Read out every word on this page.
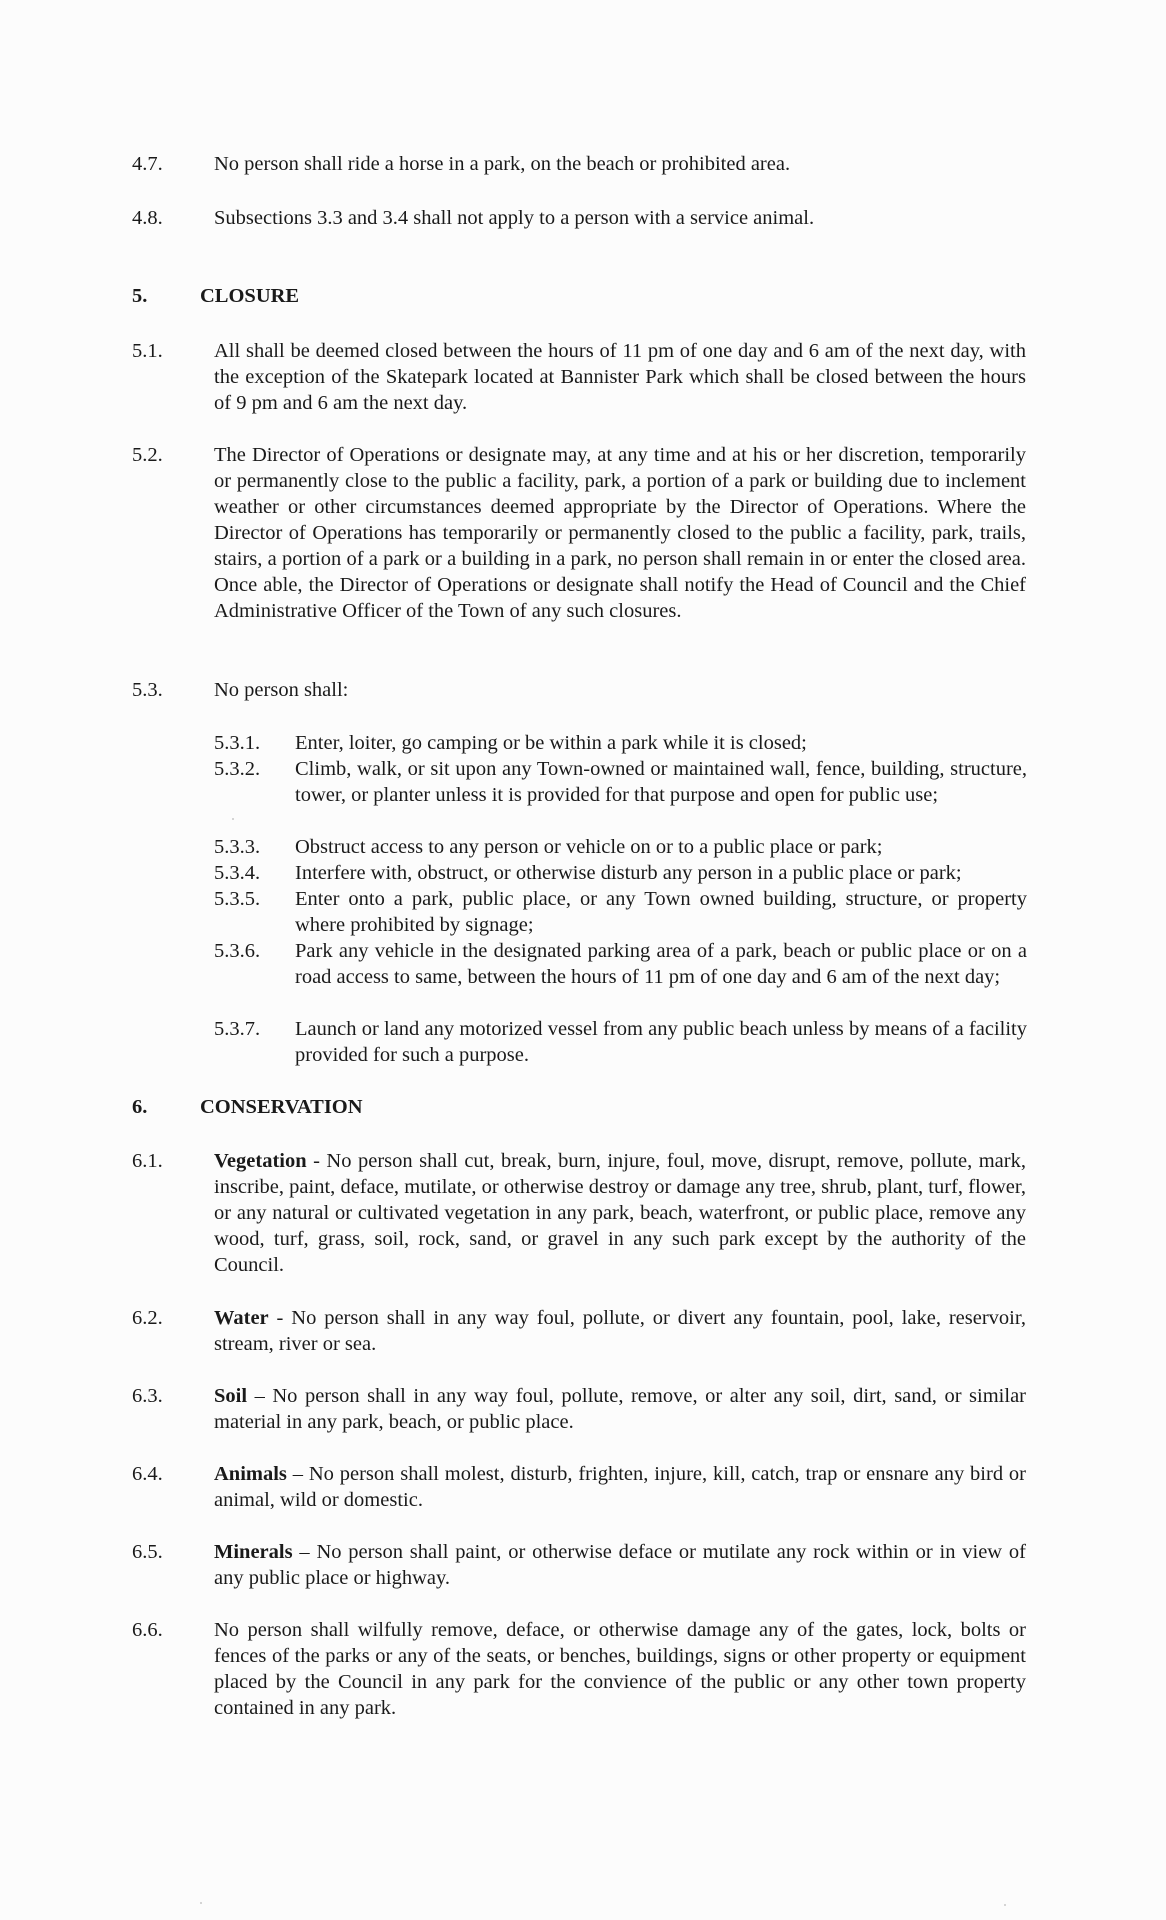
4.7.	No person shall ride a horse in a park, on the beach or prohibited area.
4.8.	Subsections 3.3 and 3.4 shall not apply to a person with a service animal.
5.	CLOSURE
5.1.	All shall be deemed closed between the hours of 11 pm of one day and 6 am of the next day, with the exception of the Skatepark located at Bannister Park which shall be closed between the hours of 9 pm and 6 am the next day.
5.2.	The Director of Operations or designate may, at any time and at his or her discretion, temporarily or permanently close to the public a facility, park, a portion of a park or building due to inclement weather or other circumstances deemed appropriate by the Director of Operations. Where the Director of Operations has temporarily or permanently closed to the public a facility, park, trails, stairs, a portion of a park or a building in a park, no person shall remain in or enter the closed area. Once able, the Director of Operations or designate shall notify the Head of Council and the Chief Administrative Officer of the Town of any such closures.
5.3.	No person shall:
5.3.1. Enter, loiter, go camping or be within a park while it is closed;
5.3.2. Climb, walk, or sit upon any Town-owned or maintained wall, fence, building, structure, tower, or planter unless it is provided for that purpose and open for public use;
5.3.3. Obstruct access to any person or vehicle on or to a public place or park;
5.3.4. Interfere with, obstruct, or otherwise disturb any person in a public place or park;
5.3.5. Enter onto a park, public place, or any Town owned building, structure, or property where prohibited by signage;
5.3.6. Park any vehicle in the designated parking area of a park, beach or public place or on a road access to same, between the hours of 11 pm of one day and 6 am of the next day;
5.3.7. Launch or land any motorized vessel from any public beach unless by means of a facility provided for such a purpose.
6.	CONSERVATION
6.1.	Vegetation - No person shall cut, break, burn, injure, foul, move, disrupt, remove, pollute, mark, inscribe, paint, deface, mutilate, or otherwise destroy or damage any tree, shrub, plant, turf, flower, or any natural or cultivated vegetation in any park, beach, waterfront, or public place, remove any wood, turf, grass, soil, rock, sand, or gravel in any such park except by the authority of the Council.
6.2.	Water - No person shall in any way foul, pollute, or divert any fountain, pool, lake, reservoir, stream, river or sea.
6.3.	Soil – No person shall in any way foul, pollute, remove, or alter any soil, dirt, sand, or similar material in any park, beach, or public place.
6.4.	Animals – No person shall molest, disturb, frighten, injure, kill, catch, trap or ensnare any bird or animal, wild or domestic.
6.5.	Minerals – No person shall paint, or otherwise deface or mutilate any rock within or in view of any public place or highway.
6.6.	No person shall wilfully remove, deface, or otherwise damage any of the gates, lock, bolts or fences of the parks or any of the seats, or benches, buildings, signs or other property or equipment placed by the Council in any park for the convience of the public or any other town property contained in any park.
